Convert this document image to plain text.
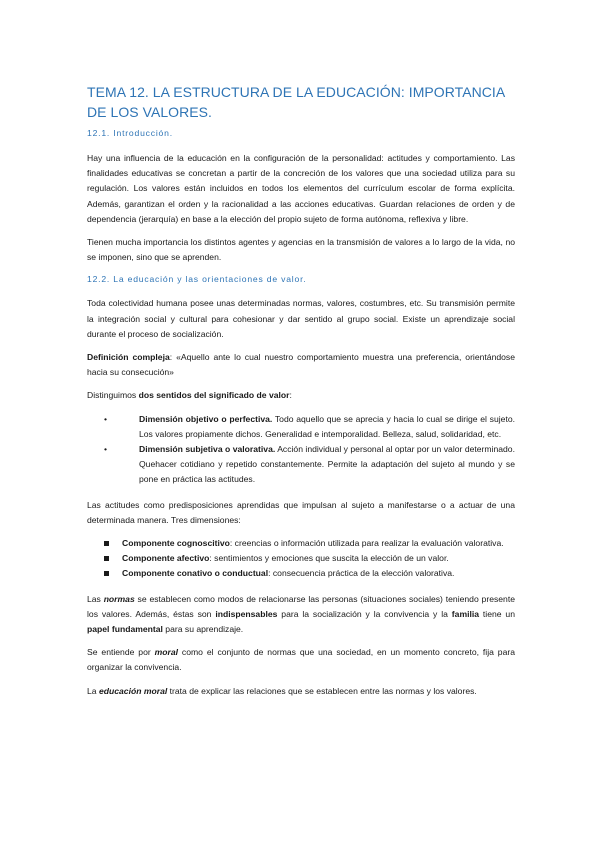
TEMA 12. LA ESTRUCTURA DE LA EDUCACIÓN: IMPORTANCIA DE LOS VALORES.
12.1. Introducción.

Hay una influencia de la educación en la configuración de la personalidad: actitudes y comportamiento. Las finalidades educativas se concretan a partir de la concreción de los valores que una sociedad utiliza para su regulación. Los valores están incluidos en todos los elementos del currículum escolar de forma explícita. Además, garantizan el orden y la racionalidad a las acciones educativas. Guardan relaciones de orden y de dependencia (jerarquía) en base a la elección del propio sujeto de forma autónoma, reflexiva y libre.

Tienen mucha importancia los distintos agentes y agencias en la transmisión de valores a lo largo de la vida, no se imponen, sino que se aprenden.

12.2. La educación y las orientaciones de valor.

Toda colectividad humana posee unas determinadas normas, valores, costumbres, etc. Su transmisión permite la integración social y cultural para cohesionar y dar sentido al grupo social. Existe un aprendizaje social durante el proceso de socialización.

Definición compleja: «Aquello ante lo cual nuestro comportamiento muestra una preferencia, orientándose hacia su consecución»

Distinguimos dos sentidos del significado de valor:

•	Dimensión objetivo o perfectiva. Todo aquello que se aprecia y hacia lo cual se dirige el sujeto. Los valores propiamente dichos. Generalidad e intemporalidad. Belleza, salud, solidaridad, etc.
•	Dimensión subjetiva o valorativa. Acción individual y personal al optar por un valor determinado. Quehacer cotidiano y repetido constantemente. Permite la adaptación del sujeto al mundo y se pone en práctica las actitudes.

Las actitudes como predisposiciones aprendidas que impulsan al sujeto a manifestarse o a actuar de una determinada manera. Tres dimensiones:

Componente cognoscitivo: creencias o información utilizada para realizar la evaluación valorativa.
Componente afectivo: sentimientos y emociones que suscita la elección de un valor.
Componente conativo o conductual: consecuencia práctica de la elección valorativa.

Las normas se establecen como modos de relacionarse las personas (situaciones sociales) teniendo presente los valores. Además, éstas son indispensables para la socialización y la convivencia y la familia tiene un papel fundamental para su aprendizaje.

Se entiende por moral como el conjunto de normas que una sociedad, en un momento concreto, fija para organizar la convivencia.

La educación moral trata de explicar las relaciones que se establecen entre las normas y los valores.
